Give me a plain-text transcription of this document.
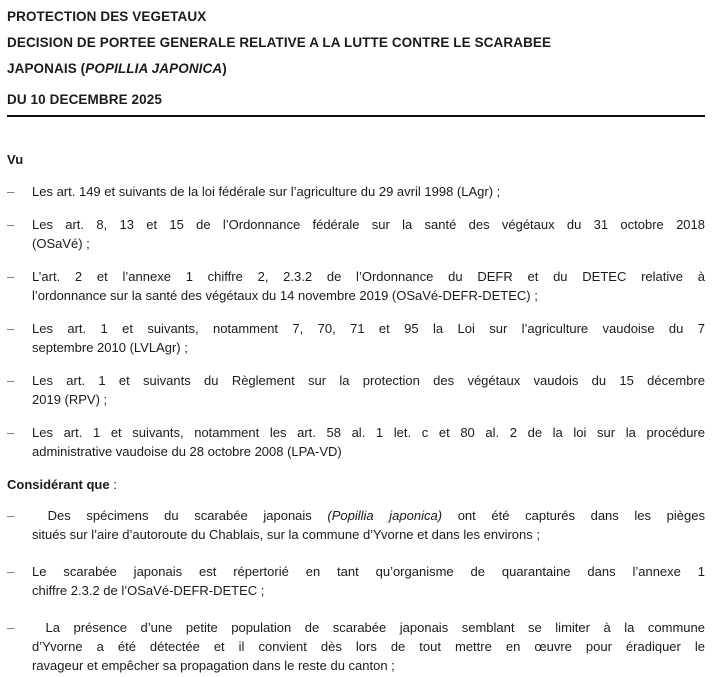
PROTECTION DES VEGETAUX
DECISION DE PORTEE GENERALE RELATIVE A LA LUTTE CONTRE LE SCARABEE
JAPONAIS (POPILLIA JAPONICA)
DU 10 DECEMBRE 2025
Vu
–	Les art. 149 et suivants de la loi fédérale sur l’agriculture du 29 avril 1998 (LAgr) ;
–	Les art. 8, 13 et 15 de l’Ordonnance fédérale sur la santé des végétaux du 31 octobre 2018
(OSaVé) ;
–	L’art. 2 et l’annexe 1 chiffre 2, 2.3.2 de l’Ordonnance du DEFR et du DETEC relative à
l’ordonnance sur la santé des végétaux du 14 novembre 2019 (OSaVé-DEFR-DETEC) ;
–	Les art. 1 et suivants, notamment 7, 70, 71 et 95 la Loi sur l’agriculture vaudoise du 7
septembre 2010 (LVLAgr) ;
–	Les art. 1 et suivants du Règlement sur la protection des végétaux vaudois du 15 décembre
2019 (RPV) ;
–	Les art. 1 et suivants, notamment les art. 58 al. 1 let. c et 80 al. 2 de la loi sur la procédure
administrative vaudoise du 28 octobre 2008 (LPA-VD)
Considérant que :
–	Des spécimens du scarabée japonais (Popillia japonica) ont été capturés dans les pièges
situés sur l’aire d’autoroute du Chablais, sur la commune d’Yvorne et dans les environs ;
–	Le scarabée japonais est répertorié en tant qu’organisme de quarantaine dans l’annexe 1
chiffre 2.3.2 de l’OSaVé-DEFR-DETEC ;
–	La présence d’une petite population de scarabée japonais semblant se limiter à la commune
d’Yvorne a été détectée et il convient dès lors de tout mettre en œuvre pour éradiquer le
ravageur et empêcher sa propagation dans le reste du canton ;
